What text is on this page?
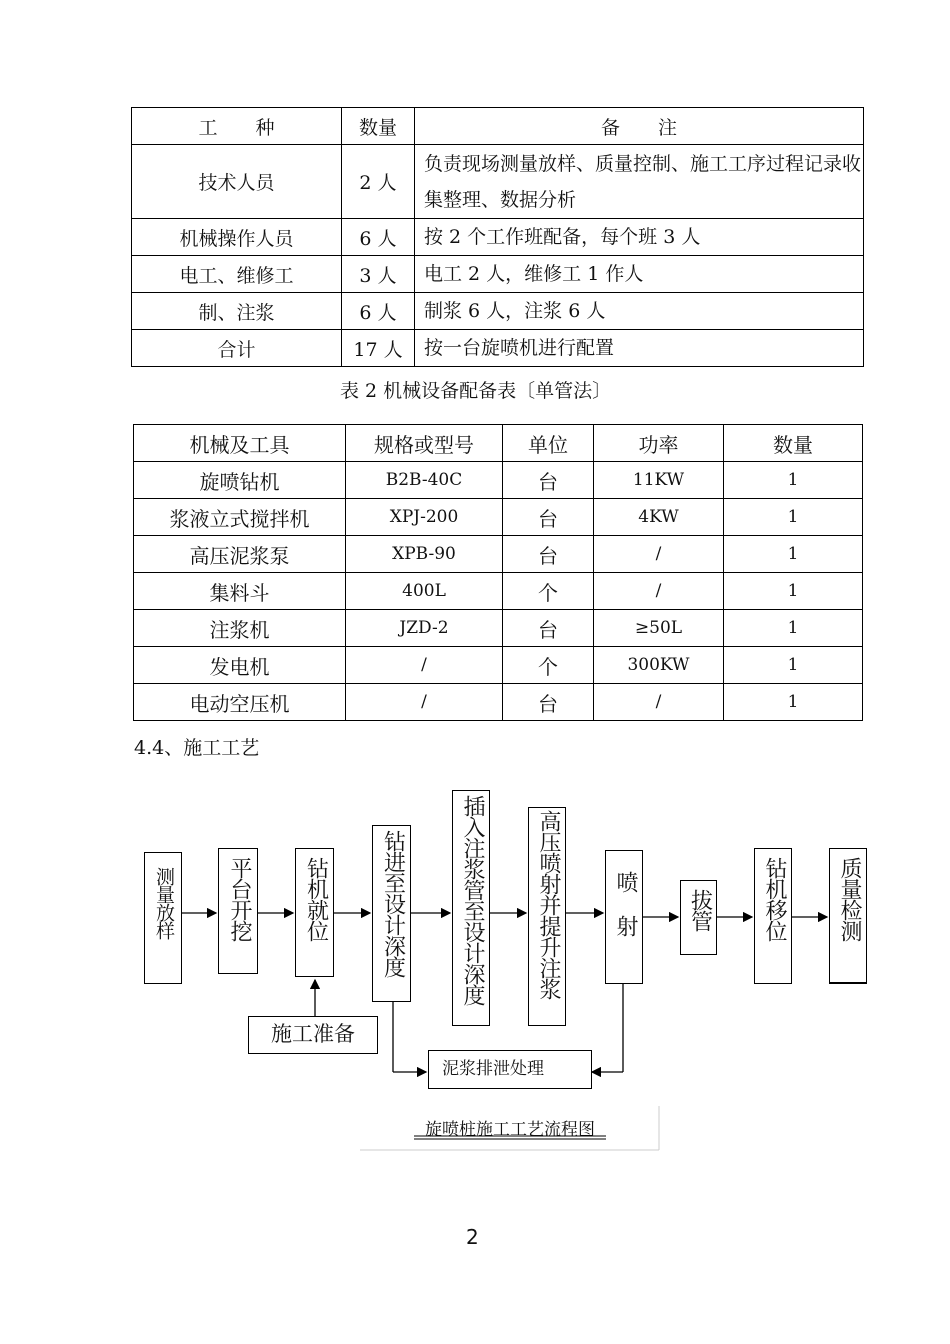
工　　种	数量	备　　注
技术人员	2 人	负责现场测量放样、质量控制、施工工序过程记录收集整理、数据分析
机械操作人员	6 人	按 2 个工作班配备，每个班 3 人
电工、维修工	3 人	电工 2 人，维修工 1 作人
制、注浆	6 人	制浆 6 人，注浆 6 人
合计	17 人	按一台旋喷机进行配置
表 2 机械设备配备表〔单管法〕
机械及工具	规格或型号	单位	功率	数量
旋喷钻机	B2B-40C	台	11KW	1
浆液立式搅拌机	XPJ-200	台	4KW	1
高压泥浆泵	XPB-90	台	/	1
集料斗	400L	个	/	1
注浆机	JZD-2	台	≥50L	1
发电机	/	个	300KW	1
电动空压机	/	台	/	1
4.4、施工工艺
测量放样 平台开挖 钻机就位 钻进至设计深度 插入注浆管至设计深度 高压喷射并提升注浆 喷射 拔管 钻机移位 质量检测
施工准备
泥浆排泄处理
旋喷桩施工工艺流程图
2
